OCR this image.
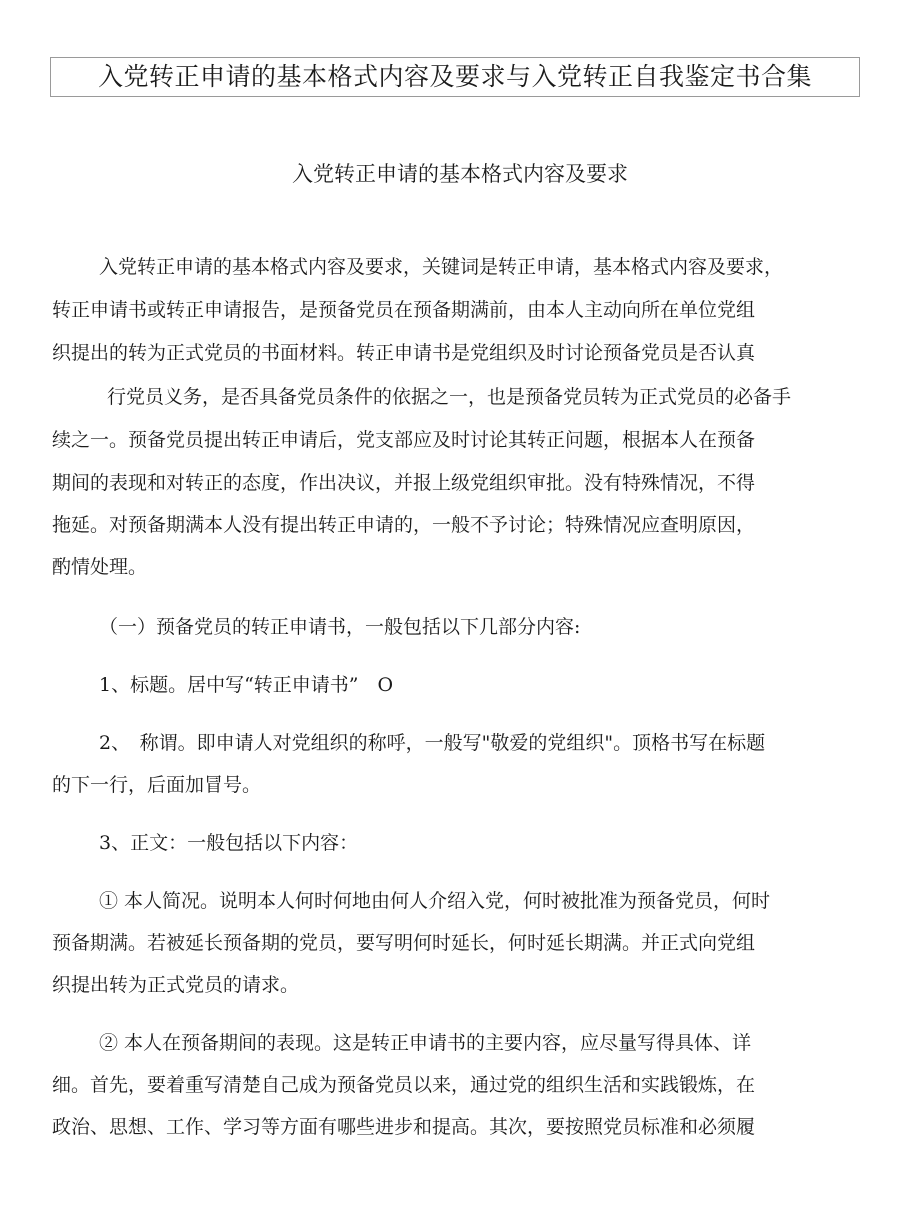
入党转正申请的基本格式内容及要求与入党转正自我鉴定书合集
入党转正申请的基本格式内容及要求
入党转正申请的基本格式内容及要求，关键词是转正申请，基本格式内容及要求，
转正申请书或转正申请报告，是预备党员在预备期满前，由本人主动向所在单位党组
织提出的转为正式党员的书面材料。转正申请书是党组织及时讨论预备党员是否认真
行党员义务，是否具备党员条件的依据之一，也是预备党员转为正式党员的必备手
续之一。预备党员提出转正申请后，党支部应及时讨论其转正问题，根据本人在预备
期间的表现和对转正的态度，作出决议，并报上级党组织审批。没有特殊情况，不得
拖延。对预备期满本人没有提出转正申请的，一般不予讨论；特殊情况应查明原因，
酌情处理。
（一）预备党员的转正申请书，一般包括以下几部分内容:
1、标题。居中写“转正申请书”　O
2、　称谓。即申请人对党组织的称呼，一般写"敬爱的党组织"。顶格书写在标题
的下一行，后面加冒号。
3、正文：一般包括以下内容：
① 本人简况。说明本人何时何地由何人介绍入党，何时被批准为预备党员，何时
预备期满。若被延长预备期的党员，要写明何时延长，何时延长期满。并正式向党组
织提出转为正式党员的请求。
② 本人在预备期间的表现。这是转正申请书的主要内容，应尽量写得具体、详
细。首先，要着重写清楚自己成为预备党员以来，通过党的组织生活和实践锻炼，在
政治、思想、工作、学习等方面有哪些进步和提高。其次，要按照党员标准和必须履
